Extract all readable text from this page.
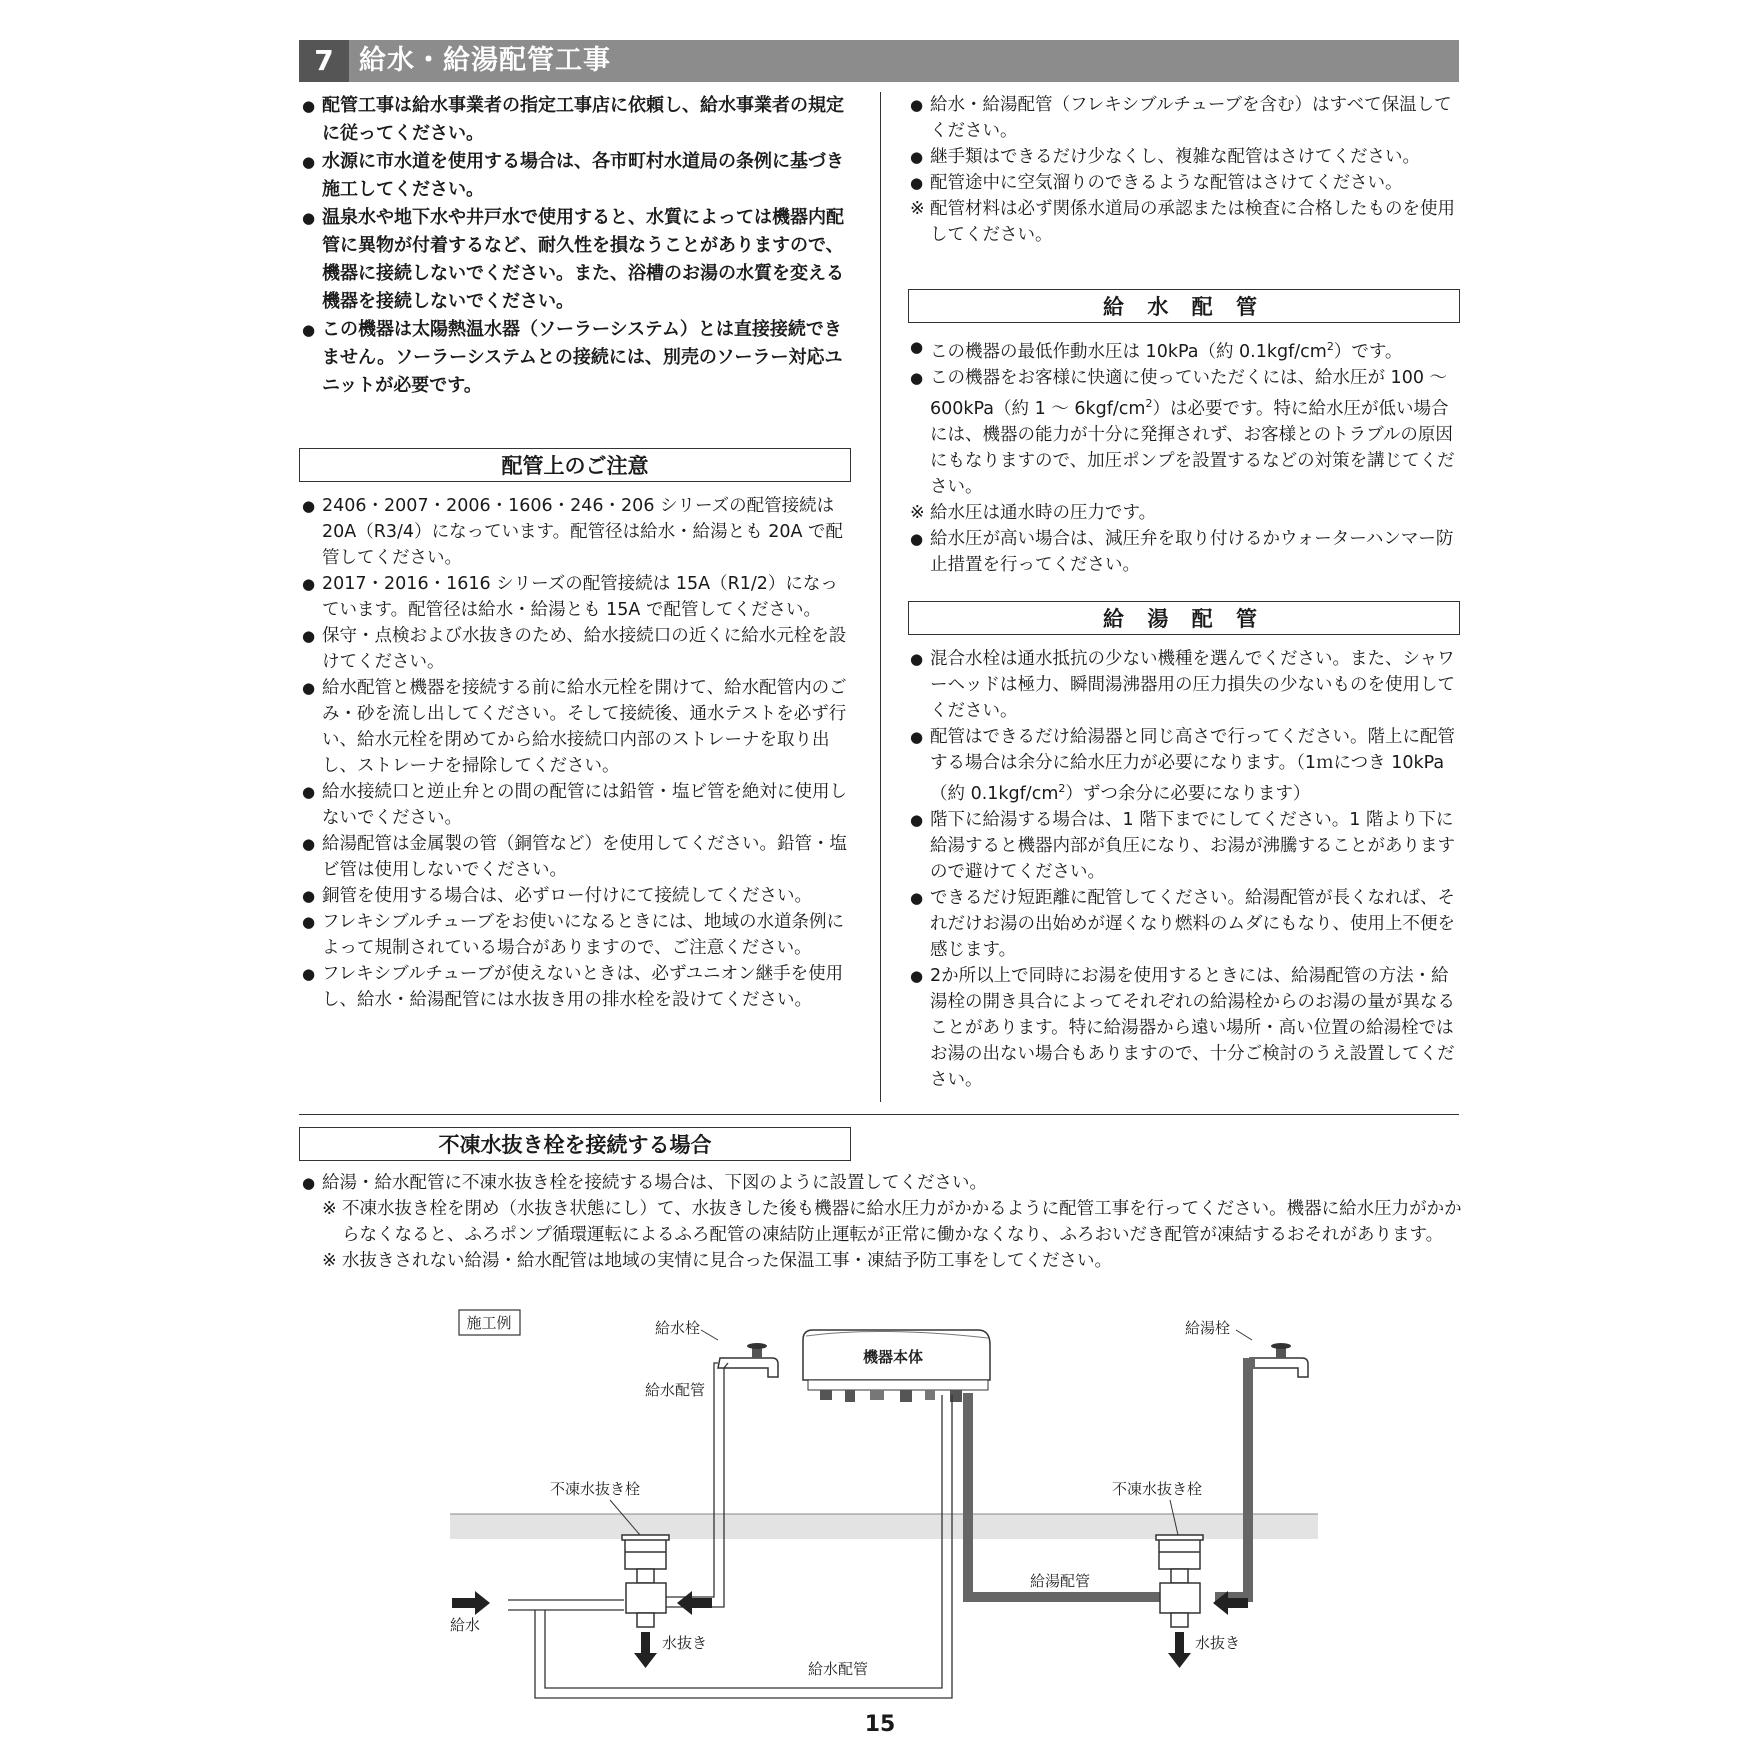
7 給水・給湯配管工事
● 配管工事は給水事業者の指定工事店に依頼し、給水事業者の規定に従ってください。
● 水源に市水道を使用する場合は、各市町村水道局の条例に基づき施工してください。
● 温泉水や地下水や井戸水で使用すると、水質によっては機器内配管に異物が付着するなど、耐久性を損なうことがありますので、機器に接続しないでください。また、浴槽のお湯の水質を変える機器を接続しないでください。
● この機器は太陽熱温水器（ソーラーシステム）とは直接接続できません。ソーラーシステムとの接続には、別売のソーラー対応ユニットが必要です。
配管上のご注意
● 2406・2007・2006・1606・246・206 シリーズの配管接続は 20A（R3/4）になっています。配管径は給水・給湯とも 20A で配管してください。
● 2017・2016・1616 シリーズの配管接続は 15A（R1/2）になっています。配管径は給水・給湯とも 15A で配管してください。
● 保守・点検および水抜きのため、給水接続口の近くに給水元栓を設けてください。
● 給水配管と機器を接続する前に給水元栓を開けて、給水配管内のごみ・砂を流し出してください。そして接続後、通水テストを必ず行い、給水元栓を閉めてから給水接続口内部のストレーナを取り出し、ストレーナを掃除してください。
● 給水接続口と逆止弁との間の配管には鉛管・塩ビ管を絶対に使用しないでください。
● 給湯配管は金属製の管（銅管など）を使用してください。鉛管・塩ビ管は使用しないでください。
● 銅管を使用する場合は、必ずロー付けにて接続してください。
● フレキシブルチューブをお使いになるときには、地域の水道条例によって規制されている場合がありますので、ご注意ください。
● フレキシブルチューブが使えないときは、必ずユニオン継手を使用し、給水・給湯配管には水抜き用の排水栓を設けてください。
● 給水・給湯配管（フレキシブルチューブを含む）はすべて保温してください。
● 継手類はできるだけ少なくし、複雑な配管はさけてください。
● 配管途中に空気溜りのできるような配管はさけてください。
※ 配管材料は必ず関係水道局の承認または検査に合格したものを使用してください。
給 水 配 管
● この機器の最低作動水圧は 10kPa（約 $0.1kgf/cm^2$）です。
● この機器をお客様に快適に使っていただくには、給水圧が 100 ～ 600kPa（約 1 ～ $6kgf/cm^2$）は必要です。特に給水圧が低い場合には、機器の能力が十分に発揮されず、お客様とのトラブルの原因にもなりますので、加圧ポンプを設置するなどの対策を講じてください。
※ 給水圧は通水時の圧力です。
● 給水圧が高い場合は、減圧弁を取り付けるかウォーターハンマー防止措置を行ってください。
給 湯 配 管
● 混合水栓は通水抵抗の少ない機種を選んでください。また、シャワーヘッドは極力、瞬間湯沸器用の圧力損失の少ないものを使用してください。
● 配管はできるだけ給湯器と同じ高さで行ってください。階上に配管する場合は余分に給水圧力が必要になります。（1ｍにつき 10kPa（約 $0.1kgf/cm^2$）ずつ余分に必要になります）
● 階下に給湯する場合は、1 階下までにしてください。1 階より下に給湯すると機器内部が負圧になり、お湯が沸騰することがありますので避けてください。
● できるだけ短距離に配管してください。給湯配管が長くなれば、それだけお湯の出始めが遅くなり燃料のムダにもなり、使用上不便を感じます。
● 2か所以上で同時にお湯を使用するときには、給湯配管の方法・給湯栓の開き具合によってそれぞれの給湯栓からのお湯の量が異なることがあります。特に給湯器から遠い場所・高い位置の給湯栓ではお湯の出ない場合もありますので、十分ご検討のうえ設置してください。
不凍水抜き栓を接続する場合
● 給湯・給水配管に不凍水抜き栓を接続する場合は、下図のように設置してください。
※ 不凍水抜き栓を閉め（水抜き状態にし）て、水抜きした後も機器に給水圧力がかかるように配管工事を行ってください。機器に給水圧力がかからなくなると、ふろポンプ循環運転によるふろ配管の凍結防止運転が正常に働かなくなり、ふろおいだき配管が凍結するおそれがあります。
※ 水抜きされない給湯・給水配管は地域の実情に見合った保温工事・凍結予防工事をしてください。
施工例
機器本体
給水栓	給湯栓
給水配管
給水配管
給湯配管
不凍水抜き栓	不凍水抜き栓
給水
水抜き	水抜き
15
